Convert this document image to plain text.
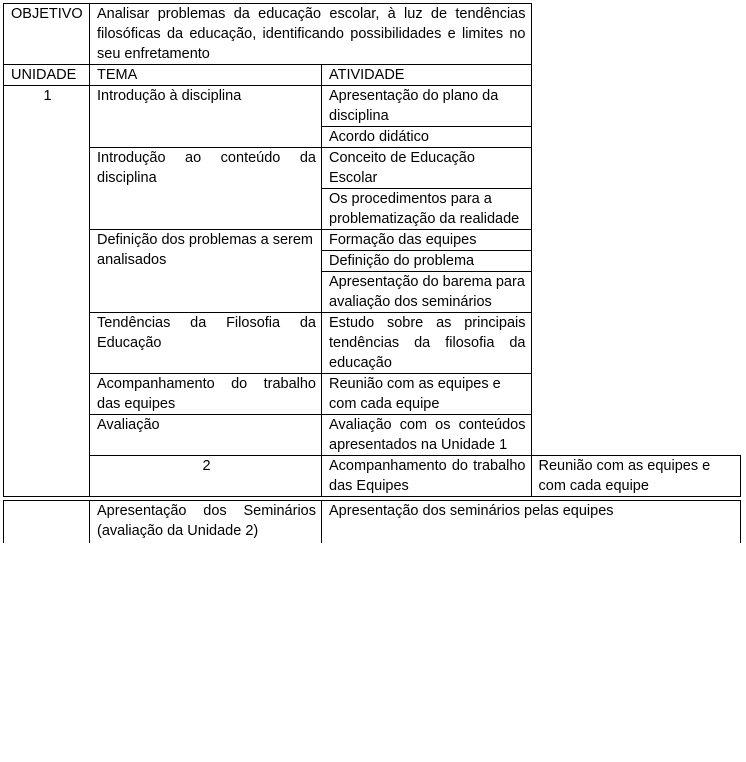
OBJETIVO	Analisar problemas da educação escolar, à luz de tendências filosóficas da educação, identificando possibilidades e limites no seu enfretamento		
UNIDADE	TEMA	ATIVIDADE	
1	Introdução à disciplina	Apresentação do plano da disciplina	
		Acordo didático	
	Introdução ao conteúdo da disciplina	Conceito de Educação Escolar	
		Os procedimentos para a problematização da realidade	
	Definição dos problemas a serem analisados	Formação das equipes	
		Definição do problema	
		Apresentação do barema para avaliação dos seminários	
	Tendências da Filosofia da Educação	Estudo sobre as principais tendências da filosofia da educação	
	Acompanhamento do trabalho das equipes	Reunião com as equipes e com cada equipe	
	Avaliação	Avaliação com os conteúdos apresentados na Unidade 1	
	2	Acompanhamento do trabalho das Equipes	Reunião com as equipes e com cada equipe
	Apresentação dos Seminários (avaliação da Unidade 2)	Apresentação dos seminários pelas equipes
